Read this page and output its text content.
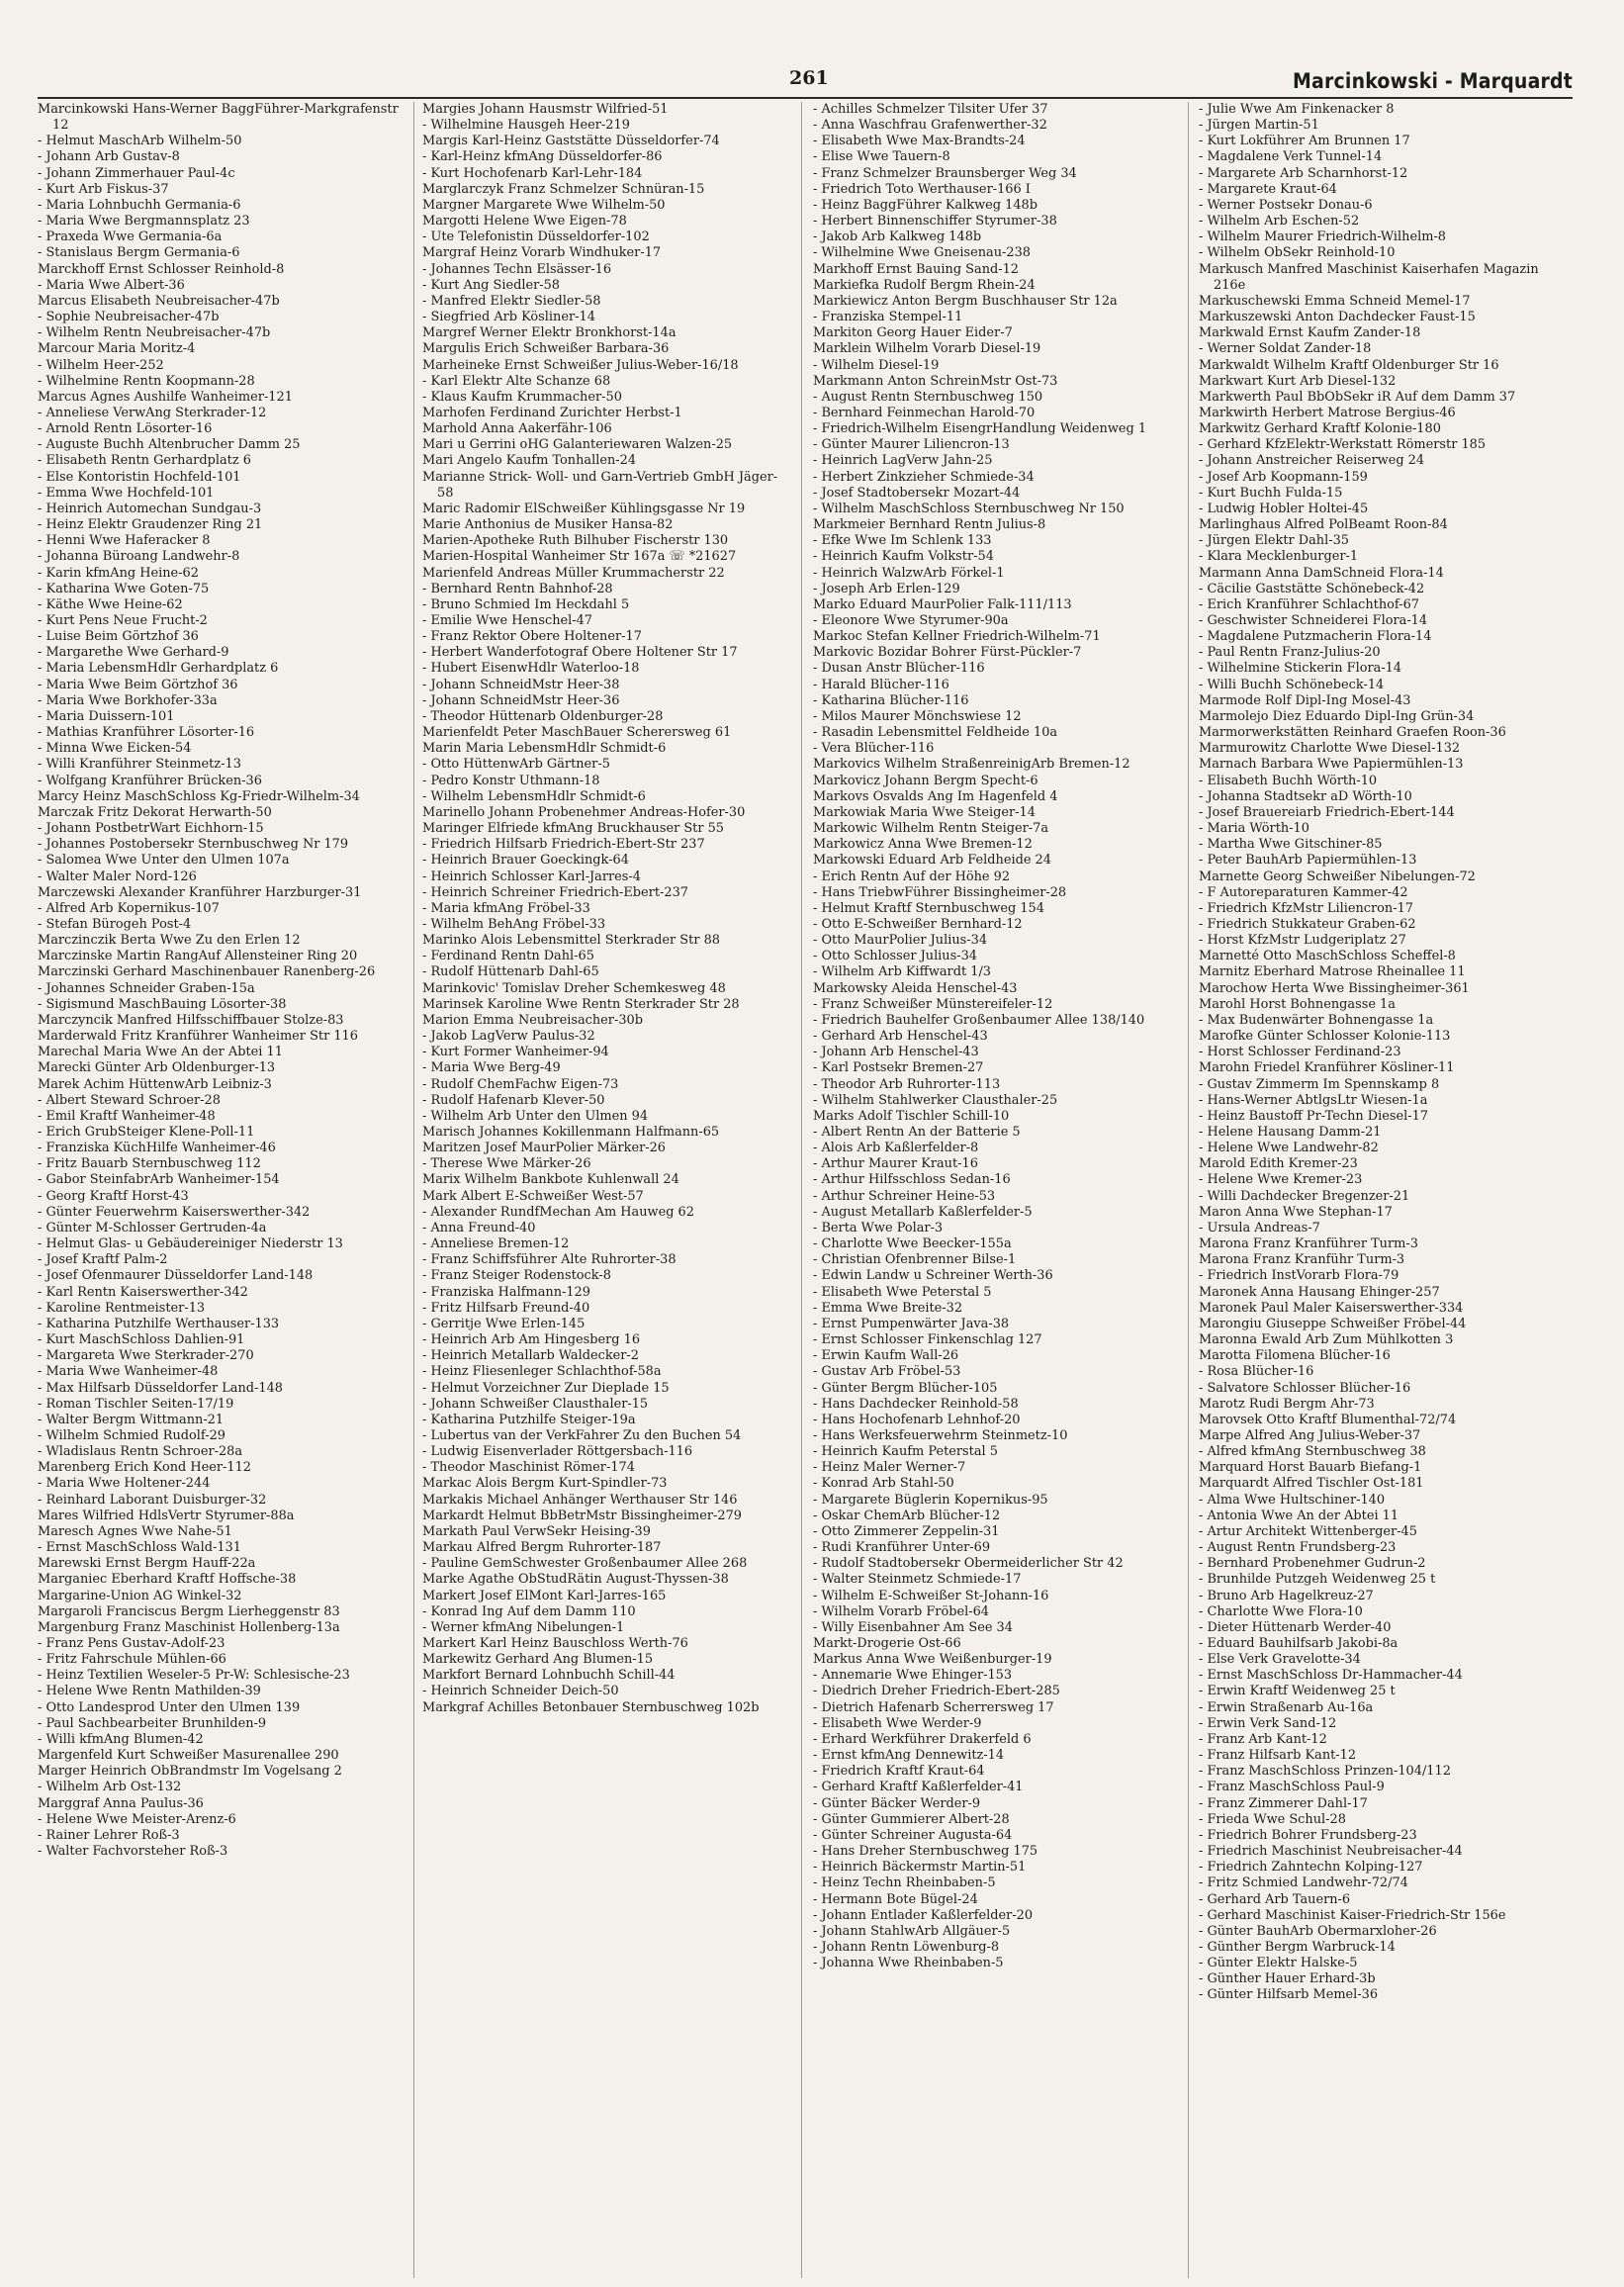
261	Marcinkowski - Marquardt

Marcinkowski Hans-Werner BaggFührer-Markgrafenstr 12

- Helmut MaschArb Wilhelm-50

- Johann Arb Gustav-8

- Johann Zimmerhauer Paul-4c

- Kurt Arb Fiskus-37

- Maria Lohnbuchh Germania-6

- Maria Wwe Bergmannsplatz 23

- Praxeda Wwe Germania-6a

- Stanislaus Bergm Germania-6

Marckhoff Ernst Schlosser Reinhold-8

- Maria Wwe Albert-36

Marcus Elisabeth Neubreisacher-47b

- Sophie Neubreisacher-47b

- Wilhelm Rentn Neubreisacher-47b

Marcour Maria Moritz-4

- Wilhelm Heer-252

- Wilhelmine Rentn Koopmann-28

Marcus Agnes Aushilfe Wanheimer-121

- Anneliese VerwAng Sterkrader-12

- Arnold Rentn Lösorter-16

- Auguste Buchh Altenbrucher Damm 25

- Elisabeth Rentn Gerhardplatz 6

- Else Kontoristin Hochfeld-101

- Emma Wwe Hochfeld-101

- Heinrich Automechan Sundgau-3

- Heinz Elektr Graudenzer Ring 21

- Henni Wwe Haferacker 8

- Johanna Büroang Landwehr-8

- Karin kfmAng Heine-62

- Katharina Wwe Goten-75

- Käthe Wwe Heine-62

- Kurt Pens Neue Frucht-2

- Luise Beim Görtzhof 36

- Margarethe Wwe Gerhard-9

- Maria LebensmHdlr Gerhardplatz 6

- Maria Wwe Beim Görtzhof 36

- Maria Wwe Borkhofer-33a

- Maria Duissern-101

- Mathias Kranführer Lösorter-16

- Minna Wwe Eicken-54

- Willi Kranführer Steinmetz-13

- Wolfgang Kranführer Brücken-36

Marcy Heinz MaschSchloss Kg-Friedr-Wilhelm-34

Marczak Fritz Dekorat Herwarth-50

- Johann PostbetrWart Eichhorn-15

- Johannes Postobersekr Sternbuschweg Nr 179

- Salomea Wwe Unter den Ulmen 107a

- Walter Maler Nord-126

Marczewski Alexander Kranführer Harzburger-31

- Alfred Arb Kopernikus-107

- Stefan Bürogeh Post-4

Marczinczik Berta Wwe Zu den Erlen 12

Marczinske Martin RangAuf Allensteiner Ring 20

Marczinski Gerhard Maschinenbauer Ranenberg-26

- Johannes Schneider Graben-15a

- Sigismund MaschBauing Lösorter-38

Marczyncik Manfred Hilfsschiffbauer Stolze-83

Marderwald Fritz Kranführer Wanheimer Str 116

Marechal Maria Wwe An der Abtei 11

Marecki Günter Arb Oldenburger-13

Marek Achim HüttenwArb Leibniz-3

- Albert Steward Schroer-28

- Emil Kraftf Wanheimer-48

- Erich GrubSteiger Klene-Poll-11

- Franziska KüchHilfe Wanheimer-46

- Fritz Bauarb Sternbuschweg 112

- Gabor SteinfabrArb Wanheimer-154

- Georg Kraftf Horst-43

- Günter Feuerwehrm Kaiserswerther-342

- Günter M-Schlosser Gertruden-4a

- Helmut Glas- u Gebäudereiniger Niederstr 13

- Josef Kraftf Palm-2

- Josef Ofenmaurer Düsseldorfer Land-148

- Karl Rentn Kaiserswerther-342

- Karoline Rentmeister-13

- Katharina Putzhilfe Werthauser-133

- Kurt MaschSchloss Dahlien-91

- Margareta Wwe Sterkrader-270

- Maria Wwe Wanheimer-48

- Max Hilfsarb Düsseldorfer Land-148

- Roman Tischler Seiten-17/19

- Walter Bergm Wittmann-21

- Wilhelm Schmied Rudolf-29

- Wladislaus Rentn Schroer-28a

Marenberg Erich Kond Heer-112

- Maria Wwe Holtener-244

- Reinhard Laborant Duisburger-32

Mares Wilfried HdlsVertr Styrumer-88a

Maresch Agnes Wwe Nahe-51

- Ernst MaschSchloss Wald-131

Marewski Ernst Bergm Hauff-22a

Marganiec Eberhard Kraftf Hoffsche-38

Margarine-Union AG Winkel-32

Margaroli Franciscus Bergm Lierheggenstr 83

Margenburg Franz Maschinist Hollenberg-13a

- Franz Pens Gustav-Adolf-23

- Fritz Fahrschule Mühlen-66

- Heinz Textilien Weseler-5 Pr-W: Schlesische-23

- Helene Wwe Rentn Mathilden-39

- Otto Landesprod Unter den Ulmen 139

- Paul Sachbearbeiter Brunhilden-9

- Willi kfmAng Blumen-42

Margenfeld Kurt Schweißer Masurenallee 290

Marger Heinrich ObBrandmstr Im Vogelsang 2

- Wilhelm Arb Ost-132

Marggraf Anna Paulus-36

- Helene Wwe Meister-Arenz-6

- Rainer Lehrer Roß-3

- Walter Fachvorsteher Roß-3

Margies Johann Hausmstr Wilfried-51

- Wilhelmine Hausgeh Heer-219

Margis Karl-Heinz Gaststätte Düsseldorfer-74

- Karl-Heinz kfmAng Düsseldorfer-86

- Kurt Hochofenarb Karl-Lehr-184

Marglarczyk Franz Schmelzer Schnüran-15

Margner Margarete Wwe Wilhelm-50

Margotti Helene Wwe Eigen-78

- Ute Telefonistin Düsseldorfer-102

Margraf Heinz Vorarb Windhuker-17

- Johannes Techn Elsässer-16

- Kurt Ang Siedler-58

- Manfred Elektr Siedler-58

- Siegfried Arb Kösliner-14

Margref Werner Elektr Bronkhorst-14a

Margulis Erich Schweißer Barbara-36

Marheineke Ernst Schweißer Julius-Weber-16/18

- Karl Elektr Alte Schanze 68

- Klaus Kaufm Krummacher-50

Marhofen Ferdinand Zurichter Herbst-1

Marhold Anna Aakerfähr-106

Mari u Gerrini oHG Galanteriewaren Walzen-25

Mari Angelo Kaufm Tonhallen-24

Marianne Strick- Woll- und Garn-Vertrieb GmbH Jäger-58

Maric Radomir ElSchweißer Kühlingsgasse Nr 19

Marie Anthonius de Musiker Hansa-82

Marien-Apotheke Ruth Bilhuber Fischerstr 130

Marien-Hospital Wanheimer Str 167a ☏ *21627

Marienfeld Andreas Müller Krummacherstr 22

- Bernhard Rentn Bahnhof-28

- Bruno Schmied Im Heckdahl 5

- Emilie Wwe Henschel-47

- Franz Rektor Obere Holtener-17

- Herbert Wanderfotograf Obere Holtener Str 17

- Hubert EisenwHdlr Waterloo-18

- Johann SchneidMstr Heer-38

- Johann SchneidMstr Heer-36

- Theodor Hüttenarb Oldenburger-28

Marienfeldt Peter MaschBauer Scherersweg 61

Marin Maria LebensmHdlr Schmidt-6

- Otto HüttenwArb Gärtner-5

- Pedro Konstr Uthmann-18

- Wilhelm LebensmHdlr Schmidt-6

Marinello Johann Probenehmer Andreas-Hofer-30

Maringer Elfriede kfmAng Bruckhauser Str 55

- Friedrich Hilfsarb Friedrich-Ebert-Str 237

- Heinrich Brauer Goeckingk-64

- Heinrich Schlosser Karl-Jarres-4

- Heinrich Schreiner Friedrich-Ebert-237

- Maria kfmAng Fröbel-33

- Wilhelm BehAng Fröbel-33

Marinko Alois Lebensmittel Sterkrader Str 88

- Ferdinand Rentn Dahl-65

- Rudolf Hüttenarb Dahl-65

Marinkovic' Tomislav Dreher Schemkesweg 48

Marinsek Karoline Wwe Rentn Sterkrader Str 28

Marion Emma Neubreisacher-30b

- Jakob LagVerw Paulus-32

- Kurt Former Wanheimer-94

- Maria Wwe Berg-49

- Rudolf ChemFachw Eigen-73

- Rudolf Hafenarb Klever-50

- Wilhelm Arb Unter den Ulmen 94

Marisch Johannes Kokillenmann Halfmann-65

Maritzen Josef MaurPolier Märker-26

- Therese Wwe Märker-26

Marix Wilhelm Bankbote Kuhlenwall 24

Mark Albert E-Schweißer West-57

- Alexander RundfMechan Am Hauweg 62

- Anna Freund-40

- Anneliese Bremen-12

- Franz Schiffsführer Alte Ruhrorter-38

- Franz Steiger Rodenstock-8

- Franziska Halfmann-129

- Fritz Hilfsarb Freund-40

- Gerritje Wwe Erlen-145

- Heinrich Arb Am Hingesberg 16

- Heinrich Metallarb Waldecker-2

- Heinz Fliesenleger Schlachthof-58a

- Helmut Vorzeichner Zur Dieplade 15

- Johann Schweißer Clausthaler-15

- Katharina Putzhilfe Steiger-19a

- Lubertus van der VerkFahrer Zu den Buchen 54

- Ludwig Eisenverlader Röttgersbach-116

- Theodor Maschinist Römer-174

Markac Alois Bergm Kurt-Spindler-73

Markakis Michael Anhänger Werthauser Str 146

Markardt Helmut BbBetrMstr Bissingheimer-279

Markath Paul VerwSekr Heising-39

Markau Alfred Bergm Ruhrorter-187

- Pauline GemSchwester Großenbaumer Allee 268

Marke Agathe ObStudRätin August-Thyssen-38

Markert Josef ElMont Karl-Jarres-165

- Konrad Ing Auf dem Damm 110

- Werner kfmAng Nibelungen-1

Markert Karl Heinz Bauschloss Werth-76

Markewitz Gerhard Ang Blumen-15

Markfort Bernard Lohnbuchh Schill-44

- Heinrich Schneider Deich-50

Markgraf Achilles Betonbauer Sternbuschweg 102b

- Achilles Schmelzer Tilsiter Ufer 37

- Anna Waschfrau Grafenwerther-32

- Elisabeth Wwe Max-Brandts-24

- Elise Wwe Tauern-8

- Franz Schmelzer Braunsberger Weg 34

- Friedrich Toto Werthauser-166 I

- Heinz BaggFührer Kalkweg 148b

- Herbert Binnenschiffer Styrumer-38

- Jakob Arb Kalkweg 148b

- Wilhelmine Wwe Gneisenau-238

Markhoff Ernst Bauing Sand-12

Markiefka Rudolf Bergm Rhein-24

Markiewicz Anton Bergm Buschhauser Str 12a

- Franziska Stempel-11

Markiton Georg Hauer Eider-7

Marklein Wilhelm Vorarb Diesel-19

- Wilhelm Diesel-19

Markmann Anton SchreinMstr Ost-73

- August Rentn Sternbuschweg 150

- Bernhard Feinmechan Harold-70

- Friedrich-Wilhelm EisengrHandlung Weidenweg 1

- Günter Maurer Liliencron-13

- Heinrich LagVerw Jahn-25

- Herbert Zinkzieher Schmiede-34

- Josef Stadtobersekr Mozart-44

- Wilhelm MaschSchloss Sternbuschweg Nr 150

Markmeier Bernhard Rentn Julius-8

- Efke Wwe Im Schlenk 133

- Heinrich Kaufm Volkstr-54

- Heinrich WalzwArb Förkel-1

- Joseph Arb Erlen-129

Marko Eduard MaurPolier Falk-111/113

- Eleonore Wwe Styrumer-90a

Markoc Stefan Kellner Friedrich-Wilhelm-71

Markovic Bozidar Bohrer Fürst-Pückler-7

- Dusan Anstr Blücher-116

- Harald Blücher-116

- Katharina Blücher-116

- Milos Maurer Mönchswiese 12

- Rasadin Lebensmittel Feldheide 10a

- Vera Blücher-116

Markovics Wilhelm StraßenreinigArb Bremen-12

Markovicz Johann Bergm Specht-6

Markovs Osvalds Ang Im Hagenfeld 4

Markowiak Maria Wwe Steiger-14

Markowic Wilhelm Rentn Steiger-7a

Markowicz Anna Wwe Bremen-12

Markowski Eduard Arb Feldheide 24

- Erich Rentn Auf der Höhe 92

- Hans TriebwFührer Bissingheimer-28

- Helmut Kraftf Sternbuschweg 154

- Otto E-Schweißer Bernhard-12

- Otto MaurPolier Julius-34

- Otto Schlosser Julius-34

- Wilhelm Arb Kiffwardt 1/3

Markowsky Aleida Henschel-43

- Franz Schweißer Münstereifeler-12

- Friedrich Bauhelfer Großenbaumer Allee 138/140

- Gerhard Arb Henschel-43

- Johann Arb Henschel-43

- Karl Postsekr Bremen-27

- Theodor Arb Ruhrorter-113

- Wilhelm Stahlwerker Clausthaler-25

Marks Adolf Tischler Schill-10

- Albert Rentn An der Batterie 5

- Alois Arb Kaßlerfelder-8

- Arthur Maurer Kraut-16

- Arthur Hilfsschloss Sedan-16

- Arthur Schreiner Heine-53

- August Metallarb Kaßlerfelder-5

- Berta Wwe Polar-3

- Charlotte Wwe Beecker-155a

- Christian Ofenbrenner Bilse-1

- Edwin Landw u Schreiner Werth-36

- Elisabeth Wwe Peterstal 5

- Emma Wwe Breite-32

- Ernst Pumpenwärter Java-38

- Ernst Schlosser Finkenschlag 127

- Erwin Kaufm Wall-26

- Gustav Arb Fröbel-53

- Günter Bergm Blücher-105

- Hans Dachdecker Reinhold-58

- Hans Hochofenarb Lehnhof-20

- Hans Werksfeuerwehrm Steinmetz-10

- Heinrich Kaufm Peterstal 5

- Heinz Maler Werner-7

- Konrad Arb Stahl-50

- Margarete Büglerin Kopernikus-95

- Oskar ChemArb Blücher-12

- Otto Zimmerer Zeppelin-31

- Rudi Kranführer Unter-69

- Rudolf Stadtobersekr Obermeiderlicher Str 42

- Walter Steinmetz Schmiede-17

- Wilhelm E-Schweißer St-Johann-16

- Wilhelm Vorarb Fröbel-64

- Willy Eisenbahner Am See 34

Markt-Drogerie Ost-66

Markus Anna Wwe Weißenburger-19

- Annemarie Wwe Ehinger-153

- Diedrich Dreher Friedrich-Ebert-285

- Dietrich Hafenarb Scherrersweg 17

- Elisabeth Wwe Werder-9

- Erhard Werkführer Drakerfeld 6

- Ernst kfmAng Dennewitz-14

- Friedrich Kraftf Kraut-64

- Gerhard Kraftf Kaßlerfelder-41

- Günter Bäcker Werder-9

- Günter Gummierer Albert-28

- Günter Schreiner Augusta-64

- Hans Dreher Sternbuschweg 175

- Heinrich Bäckermstr Martin-51

- Heinz Techn Rheinbaben-5

- Hermann Bote Bügel-24

- Johann Entlader Kaßlerfelder-20

- Johann StahlwArb Allgäuer-5

- Johann Rentn Löwenburg-8

- Johanna Wwe Rheinbaben-5

- Julie Wwe Am Finkenacker 8

- Jürgen Martin-51

- Kurt Lokführer Am Brunnen 17

- Magdalene Verk Tunnel-14

- Margarete Arb Scharnhorst-12

- Margarete Kraut-64

- Werner Postsekr Donau-6

- Wilhelm Arb Eschen-52

- Wilhelm Maurer Friedrich-Wilhelm-8

- Wilhelm ObSekr Reinhold-10

Markusch Manfred Maschinist Kaiserhafen Magazin 216e

Markuschewski Emma Schneid Memel-17

Markuszewski Anton Dachdecker Faust-15

Markwald Ernst Kaufm Zander-18

- Werner Soldat Zander-18

Markwaldt Wilhelm Kraftf Oldenburger Str 16

Markwart Kurt Arb Diesel-132

Markwerth Paul BbObSekr iR Auf dem Damm 37

Markwirth Herbert Matrose Bergius-46

Markwitz Gerhard Kraftf Kolonie-180

- Gerhard KfzElektr-Werkstatt Römerstr 185

- Johann Anstreicher Reiserweg 24

- Josef Arb Koopmann-159

- Kurt Buchh Fulda-15

- Ludwig Hobler Holtei-45

Marlinghaus Alfred PolBeamt Roon-84

- Jürgen Elektr Dahl-35

- Klara Mecklenburger-1

Marmann Anna DamSchneid Flora-14

- Cäcilie Gaststätte Schönebeck-42

- Erich Kranführer Schlachthof-67

- Geschwister Schneiderei Flora-14

- Magdalene Putzmacherin Flora-14

- Paul Rentn Franz-Julius-20

- Wilhelmine Stickerin Flora-14

- Willi Buchh Schönebeck-14

Marmode Rolf Dipl-Ing Mosel-43

Marmolejo Diez Eduardo Dipl-Ing Grün-34

Marmorwerkstätten Reinhard Graefen Roon-36

Marmurowitz Charlotte Wwe Diesel-132

Marnach Barbara Wwe Papiermühlen-13

- Elisabeth Buchh Wörth-10

- Johanna Stadtsekr aD Wörth-10

- Josef Brauereiarb Friedrich-Ebert-144

- Maria Wörth-10

- Martha Wwe Gitschiner-85

- Peter BauhArb Papiermühlen-13

Marnette Georg Schweißer Nibelungen-72

- F Autoreparaturen Kammer-42

- Friedrich KfzMstr Liliencron-17

- Friedrich Stukkateur Graben-62

- Horst KfzMstr Ludgeriplatz 27

Marnetté Otto MaschSchloss Scheffel-8

Marnitz Eberhard Matrose Rheinallee 11

Marochow Herta Wwe Bissingheimer-361

Marohl Horst Bohnengasse 1a

- Max Budenwärter Bohnengasse 1a

Marofke Günter Schlosser Kolonie-113

- Horst Schlosser Ferdinand-23

Marohn Friedel Kranführer Kösliner-11

- Gustav Zimmerm Im Spennskamp 8

- Hans-Werner AbtlgsLtr Wiesen-1a

- Heinz Baustoff Pr-Techn Diesel-17

- Helene Hausang Damm-21

- Helene Wwe Landwehr-82

Marold Edith Kremer-23

- Helene Wwe Kremer-23

- Willi Dachdecker Bregenzer-21

Maron Anna Wwe Stephan-17

- Ursula Andreas-7

Marona Franz Kranführer Turm-3

Marona Franz Kranführ Turm-3

- Friedrich InstVorarb Flora-79

Maronek Anna Hausang Ehinger-257

Maronek Paul Maler Kaiserswerther-334

Marongiu Giuseppe Schweißer Fröbel-44

Maronna Ewald Arb Zum Mühlkotten 3

Marotta Filomena Blücher-16

- Rosa Blücher-16

- Salvatore Schlosser Blücher-16

Marotz Rudi Bergm Ahr-73

Marovsek Otto Kraftf Blumenthal-72/74

Marpe Alfred Ang Julius-Weber-37

- Alfred kfmAng Sternbuschweg 38

Marquard Horst Bauarb Biefang-1

Marquardt Alfred Tischler Ost-181

- Alma Wwe Hultschiner-140

- Antonia Wwe An der Abtei 11

- Artur Architekt Wittenberger-45

- August Rentn Frundsberg-23

- Bernhard Probenehmer Gudrun-2

- Brunhilde Putzgeh Weidenweg 25 t

- Bruno Arb Hagelkreuz-27

- Charlotte Wwe Flora-10

- Dieter Hüttenarb Werder-40

- Eduard Bauhilfsarb Jakobi-8a

- Else Verk Gravelotte-34

- Ernst MaschSchloss Dr-Hammacher-44

- Erwin Kraftf Weidenweg 25 t

- Erwin Straßenarb Au-16a

- Erwin Verk Sand-12

- Franz Arb Kant-12

- Franz Hilfsarb Kant-12

- Franz MaschSchloss Prinzen-104/112

- Franz MaschSchloss Paul-9

- Franz Zimmerer Dahl-17

- Frieda Wwe Schul-28

- Friedrich Bohrer Frundsberg-23

- Friedrich Maschinist Neubreisacher-44

- Friedrich Zahntechn Kolping-127

- Fritz Schmied Landwehr-72/74

- Gerhard Arb Tauern-6

- Gerhard Maschinist Kaiser-Friedrich-Str 156e

- Günter BauhArb Obermarxloher-26

- Günther Bergm Warbruck-14

- Günter Elektr Halske-5

- Günther Hauer Erhard-3b

- Günter Hilfsarb Memel-36
